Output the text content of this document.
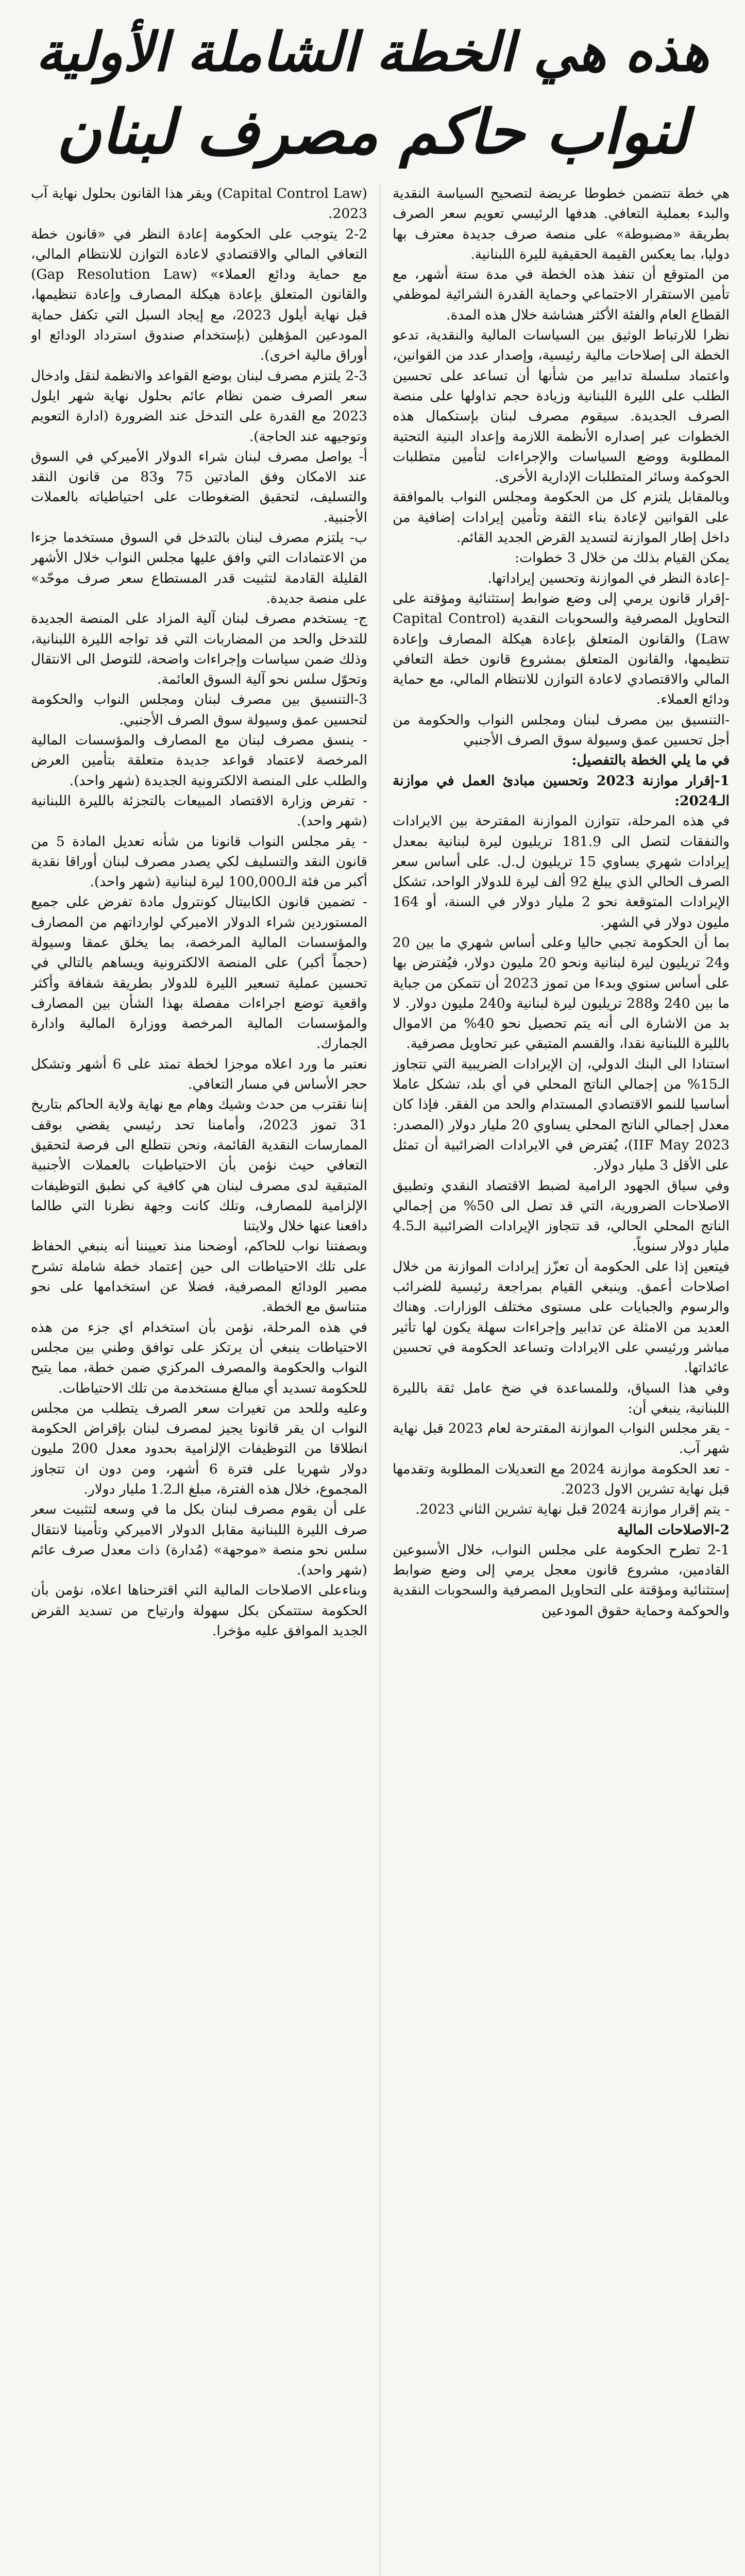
هذه هي الخطة الشاملة الأولية
لنواب حاكم مصرف لبنان

هي خطة تتضمن خطوطا عريضة لتصحيح السياسة النقدية والبدء بعملية التعافي. هدفها الرئيسي تعويم سعر الصرف بطريقة «مضبوطة» على منصة صرف جديدة معترف بها دوليا، بما يعكس القيمة الحقيقية لليرة اللبنانية.

من المتوقع أن تنفذ هذه الخطة في مدة ستة أشهر، مع تأمين الاستقرار الاجتماعي وحماية القدرة الشرائية لموظفي القطاع العام والفئة الأكثر هشاشة خلال هذه المدة.

نظرا للارتباط الوثيق بين السياسات المالية والنقدية، تدعو الخطة الى إصلاحات مالية رئيسية، وإصدار عدد من القوانين، واعتماد سلسلة تدابير من شأنها أن تساعد على تحسين الطلب على الليرة اللبنانية وزيادة حجم تداولها على منصة الصرف الجديدة. سيقوم مصرف لبنان بإستكمال هذه الخطوات عبر إصداره الأنظمة اللازمة وإعداد البنية التحتية المطلوبة ووضع السياسات والإجراءات لتأمين متطلبات الحوكمة وسائر المتطلبات الإدارية الأخرى.

وبالمقابل يلتزم كل من الحكومة ومجلس النواب بالموافقة على القوانين لإعادة بناء الثقة وتأمين إيرادات إضافية من داخل إطار الموازنة لتسديد القرض الجديد القائم.

يمكن القيام بذلك من خلال 3 خطوات:

-إعادة النظر في الموازنة وتحسين إيراداتها.

-إقرار قانون يرمي إلى وضع ضوابط إستثنائية ومؤقتة على التحاويل المصرفية والسحوبات النقدية (Capital Control Law) والقانون المتعلق بإعادة هيكلة المصارف وإعادة تنظيمها، والقانون المتعلق بمشروع قانون خطة التعافي المالي والاقتصادي لاعادة التوازن للانتظام المالي، مع حماية ودائع العملاء.

-التنسيق بين مصرف لبنان ومجلس النواب والحكومة من أجل تحسين عمق وسيولة سوق الصرف الأجنبي

في ما يلي الخطة بالتفصيل:

1-إقرار موازنة 2023 وتحسين مبادئ العمل في موازنة الـ2024:

في هذه المرحلة، تتوازن الموازنة المقترحة بين الايرادات والنفقات لتصل الى 181.9 تريليون ليرة لبنانية بمعدل إيرادات شهري يساوي 15 تريليون ل.ل. على أساس سعر الصرف الحالي الذي يبلغ 92 ألف ليرة للدولار الواحد، تشكل الإيرادات المتوقعة نحو 2 مليار دولار في السنة، أو 164 مليون دولار في الشهر.

بما أن الحكومة تجبي حاليا وعلى أساس شهري ما بين 20 و24 تريليون ليرة لبنانية ونحو 20 مليون دولار، فيُفترض بها على أساس سنوي وبدءا من تموز 2023 أن تتمكن من جباية ما بين 240 و288 تريليون ليرة لبنانية و240 مليون دولار. لا بد من الاشارة الى أنه يتم تحصيل نحو 40% من الاموال بالليرة اللبنانية نقدا، والقسم المتبقي عبر تحاويل مصرفية.

استنادا الى البنك الدولي، إن الإيرادات الضريبية التي تتجاوز الـ15% من إجمالي الناتج المحلي في أي بلد، تشكل عاملا أساسيا للنمو الاقتصادي المستدام والحد من الفقر. فإذا كان معدل إجمالي الناتج المحلي يساوي 20 مليار دولار (المصدر: IIF May 2023)، يُفترض في الايرادات الضرائبية أن تمثل على الأقل 3 مليار دولار.

وفي سياق الجهود الرامية لضبط الاقتصاد النقدي وتطبيق الاصلاحات الضرورية، التي قد تصل الى 50% من إجمالي الناتج المحلي الحالي، قد تتجاوز الإيرادات الضرائبية الـ4.5 مليار دولار سنوياً.

فيتعين إذا على الحكومة أن تعزّز إيرادات الموازنة من خلال اصلاحات أعمق. وينبغي القيام بمراجعة رئيسية للضرائب والرسوم والجبايات على مستوى مختلف الوزارات. وهناك العديد من الامثلة عن تدابير وإجراءات سهلة يكون لها تأثير مباشر ورئيسي على الايرادات وتساعد الحكومة في تحسين عائداتها.

وفي هذا السياق، وللمساعدة في ضخ عامل ثقة بالليرة اللبنانية، ينبغي أن:

- يقر مجلس النواب الموازنة المقترحة لعام 2023 قبل نهاية شهر آب.

- تعد الحكومة موازنة 2024 مع التعديلات المطلوبة وتقدمها قبل نهاية تشرين الاول 2023.

- يتم إقرار موازنة 2024 قبل نهاية تشرين الثاني 2023.

2-الاصلاحات المالية

2-1 تطرح الحكومة على مجلس النواب، خلال الأسبوعين القادمين، مشروع قانون معجل يرمي إلى وضع ضوابط إستثنائية ومؤقتة على التحاويل المصرفية والسحوبات النقدية والحوكمة وحماية حقوق المودعين

(Capital Control Law) ويقر هذا القانون بحلول نهاية آب 2023.

2-2 يتوجب على الحكومة إعادة النظر في «قانون خطة التعافي المالي والاقتصادي لاعادة التوازن للانتظام المالي، مع حماية ودائع العملاء» (Gap Resolution Law) والقانون المتعلق بإعادة هيكلة المصارف وإعادة تنظيمها، قبل نهاية أيلول 2023، مع إيجاد السبل التي تكفل حماية المودعين المؤهلين (بإستخدام صندوق استرداد الودائع او أوراق مالية اخرى).

2-3 يلتزم مصرف لبنان بوضع القواعد والانظمة لنقل وادخال سعر الصرف ضمن نظام عائم بحلول نهاية شهر ايلول 2023 مع القدرة على التدخل عند الضرورة (ادارة التعويم وتوجيهه عند الحاجة).

أ- يواصل مصرف لبنان شراء الدولار الأميركي في السوق عند الامكان وفق المادتين 75 و83 من قانون النقد والتسليف، لتحقيق الضغوطات على احتياطياته بالعملات الأجنبية.

ب- يلتزم مصرف لبنان بالتدخل في السوق مستخدما جزءا من الاعتمادات التي وافق عليها مجلس النواب خلال الأشهر القليلة القادمة لتثبيت قدر المستطاع سعر صرف موحّد» على منصة جديدة.

ج- يستخدم مصرف لبنان آلية المزاد على المنصة الجديدة للتدخل والحد من المضاربات التي قد تواجه الليرة اللبنانية، وذلك ضمن سياسات وإجراءات واضحة، للتوصل الى الانتقال وتحوّل سلس نحو آلية السوق العائمة.

3-التنسيق بين مصرف لبنان ومجلس النواب والحكومة لتحسين عمق وسيولة سوق الصرف الأجنبي.

- ينسق مصرف لبنان مع المصارف والمؤسسات المالية المرخصة لاعتماد قواعد جديدة متعلقة بتأمين العرض والطلب على المنصة الالكترونية الجديدة (شهر واحد).

- تفرض وزارة الاقتصاد المبيعات بالتجزئة بالليرة اللبنانية (شهر واحد).

- يقر مجلس النواب قانونا من شأنه تعديل المادة 5 من قانون النقد والتسليف لكي يصدر مصرف لبنان أوراقا نقدية أكبر من فئة الـ100,000 ليرة لبنانية (شهر واحد).

- تضمين قانون الكابيتال كونترول مادة تفرض على جميع المستوردين شراء الدولار الاميركي لوارداتهم من المصارف والمؤسسات المالية المرخصة، بما يخلق عمقا وسيولة (حجماً أكبر) على المنصة الالكترونية ويساهم بالتالي في تحسين عملية تسعير الليرة للدولار بطريقة شفافة وأكثر واقعية توضع اجراءات مفصلة بهذا الشأن بين المصارف والمؤسسات المالية المرخصة ووزارة المالية وادارة الجمارك.

نعتبر ما ورد اعلاه موجزا لخطة تمتد على 6 أشهر وتشكل حجر الأساس في مسار التعافي.

إننا نقترب من حدث وشيك وهام مع نهاية ولاية الحاكم بتاريخ 31 تموز 2023، وأمامنا تحد رئيسي يقضي بوقف الممارسات النقدية القائمة، ونحن نتطلع الى فرصة لتحقيق التعافي حيث نؤمن بأن الاحتياطيات بالعملات الأجنبية المتبقية لدى مصرف لبنان هي كافية كي نطبق التوظيفات الإلزامية للمصارف، وتلك كانت وجهة نظرنا التي طالما دافعنا عنها خلال ولايتنا

وبصفتنا نواب للحاكم، أوضحنا منذ تعييننا أنه ينبغي الحفاظ على تلك الاحتياطات الى حين إعتماد خطة شاملة تشرح مصير الودائع المصرفية، فضلا عن استخدامها على نحو متناسق مع الخطة.

في هذه المرحلة، نؤمن بأن استخدام اي جزء من هذه الاحتياطات ينبغي أن يرتكز على توافق وطني بين مجلس النواب والحكومة والمصرف المركزي ضمن خطة، مما يتيح للحكومة تسديد أي مبالغ مستخدمة من تلك الاحتياطات.

وعليه وللحد من تغيرات سعر الصرف يتطلب من مجلس النواب ان يقر قانونا يجيز لمصرف لبنان بإقراض الحكومة انطلاقا من التوظيفات الإلزامية بحدود معدل 200 مليون دولار شهريا على فترة 6 أشهر، ومن دون ان تتجاوز المجموع، خلال هذه الفترة، مبلغ الـ1.2 مليار دولار.

على أن يقوم مصرف لبنان بكل ما في وسعه لتثبيت سعر صرف الليرة اللبنانية مقابل الدولار الاميركي وتأمينا لانتقال سلس نحو منصة «موجهة» (مُدارة) ذات معدل صرف عائم (شهر واحد).

وبناءعلى الاصلاحات المالية التي اقترحناها اعلاه، نؤمن بأن الحكومة ستتمكن بكل سهولة وارتياح من تسديد القرض الجديد الموافق عليه مؤخرا.
